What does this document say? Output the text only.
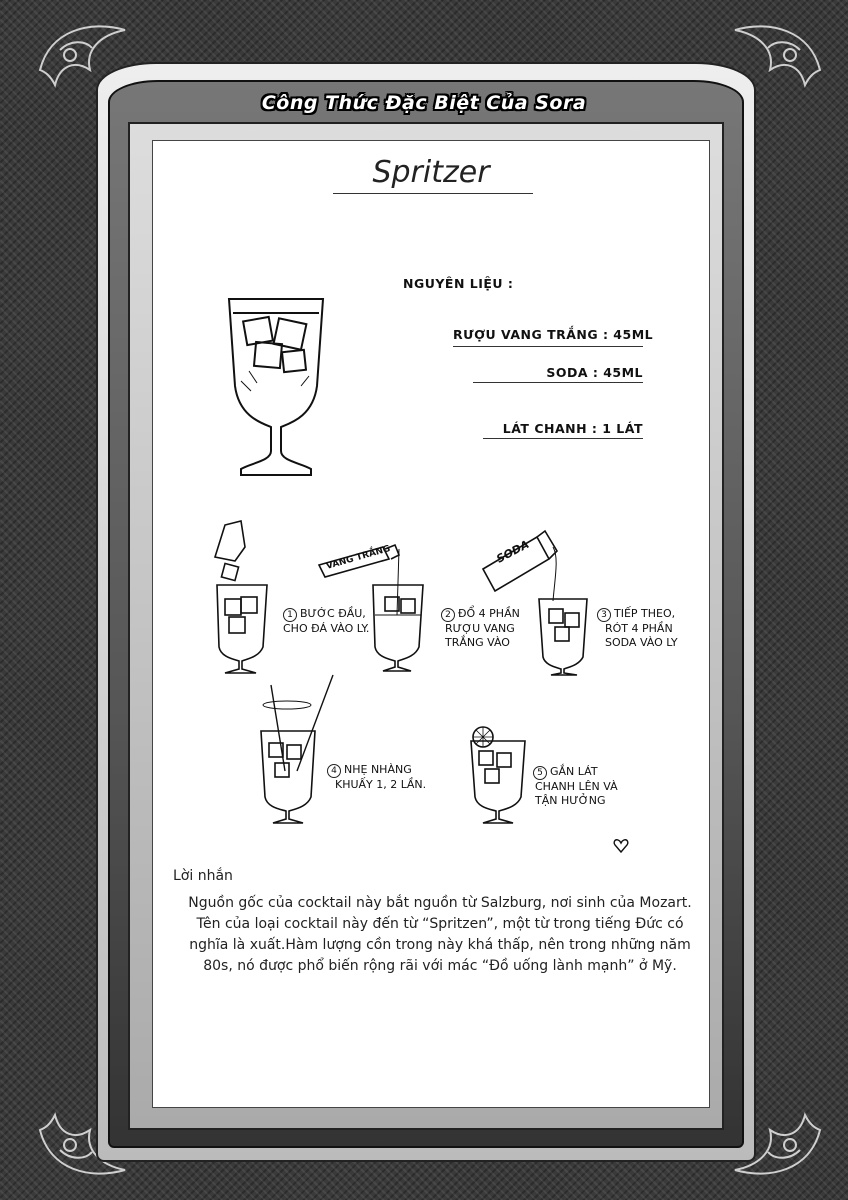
Công Thức Đặc Biệt Của Sora
Spritzer
NGUYÊN LIỆU :
RƯỢU VANG TRẮNG : 45ML
SODA : 45ML
LÁT CHANH : 1 LÁT
1 BƯỚC ĐẦU,
CHO ĐÁ VÀO LY.
VANG TRẮNG
2 ĐỔ 4 PHẦN
RƯỢU VANG
TRẮNG VÀO
SODA
3 TIẾP THEO,
RÓT 4 PHẦN
SODA VÀO LY
4 NHẸ NHÀNG
KHUẤY 1, 2 LẦN.
5 GẮN LÁT
CHANH LÊN VÀ
TẬN HƯỞNG
Lời nhắn
Nguồn gốc của cocktail này bắt nguồn từ Salzburg, nơi sinh của Mozart. Tên của loại cocktail này đến từ “Spritzen”, một từ trong tiếng Đức có nghĩa là xuất.Hàm lượng cồn trong này khá thấp, nên trong những năm 80s, nó được phổ biến rộng rãi với mác “Đồ uống lành mạnh” ở Mỹ.
